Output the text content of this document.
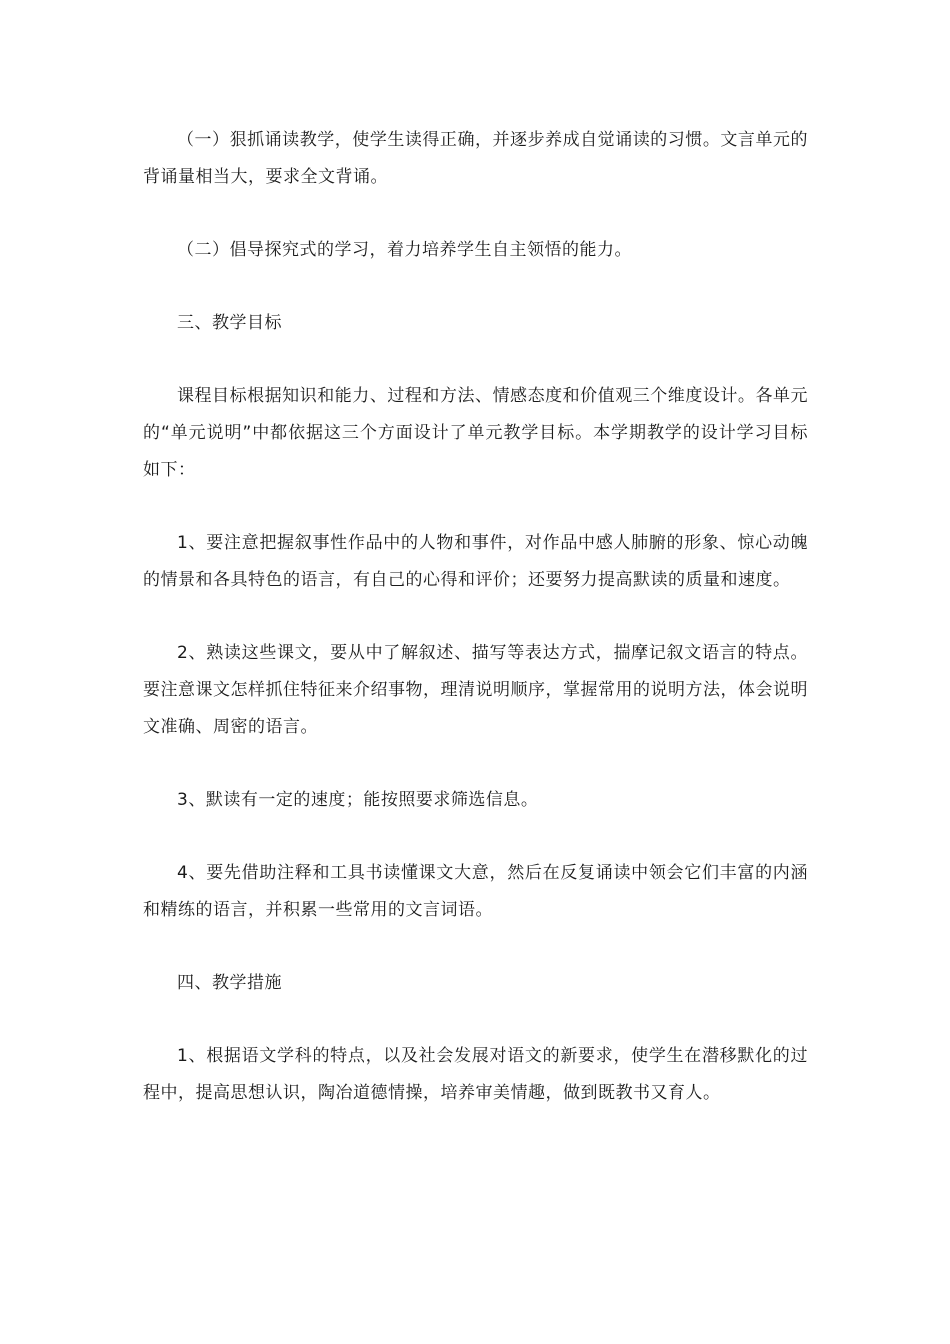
（一）狠抓诵读教学，使学生读得正确，并逐步养成自觉诵读的习惯。文言单元的背诵量相当大，要求全文背诵。

（二）倡导探究式的学习，着力培养学生自主领悟的能力。

三、教学目标

课程目标根据知识和能力、过程和方法、情感态度和价值观三个维度设计。各单元的“单元说明”中都依据这三个方面设计了单元教学目标。本学期教学的设计学习目标如下：

1、要注意把握叙事性作品中的人物和事件，对作品中感人肺腑的形象、惊心动魄的情景和各具特色的语言，有自己的心得和评价；还要努力提高默读的质量和速度。

2、熟读这些课文，要从中了解叙述、描写等表达方式，揣摩记叙文语言的特点。要注意课文怎样抓住特征来介绍事物，理清说明顺序，掌握常用的说明方法，体会说明文准确、周密的语言。

3、默读有一定的速度；能按照要求筛选信息。

4、要先借助注释和工具书读懂课文大意，然后在反复诵读中领会它们丰富的内涵和精练的语言，并积累一些常用的文言词语。

四、教学措施

1、根据语文学科的特点，以及社会发展对语文的新要求，使学生在潜移默化的过程中，提高思想认识，陶冶道德情操，培养审美情趣，做到既教书又育人。
